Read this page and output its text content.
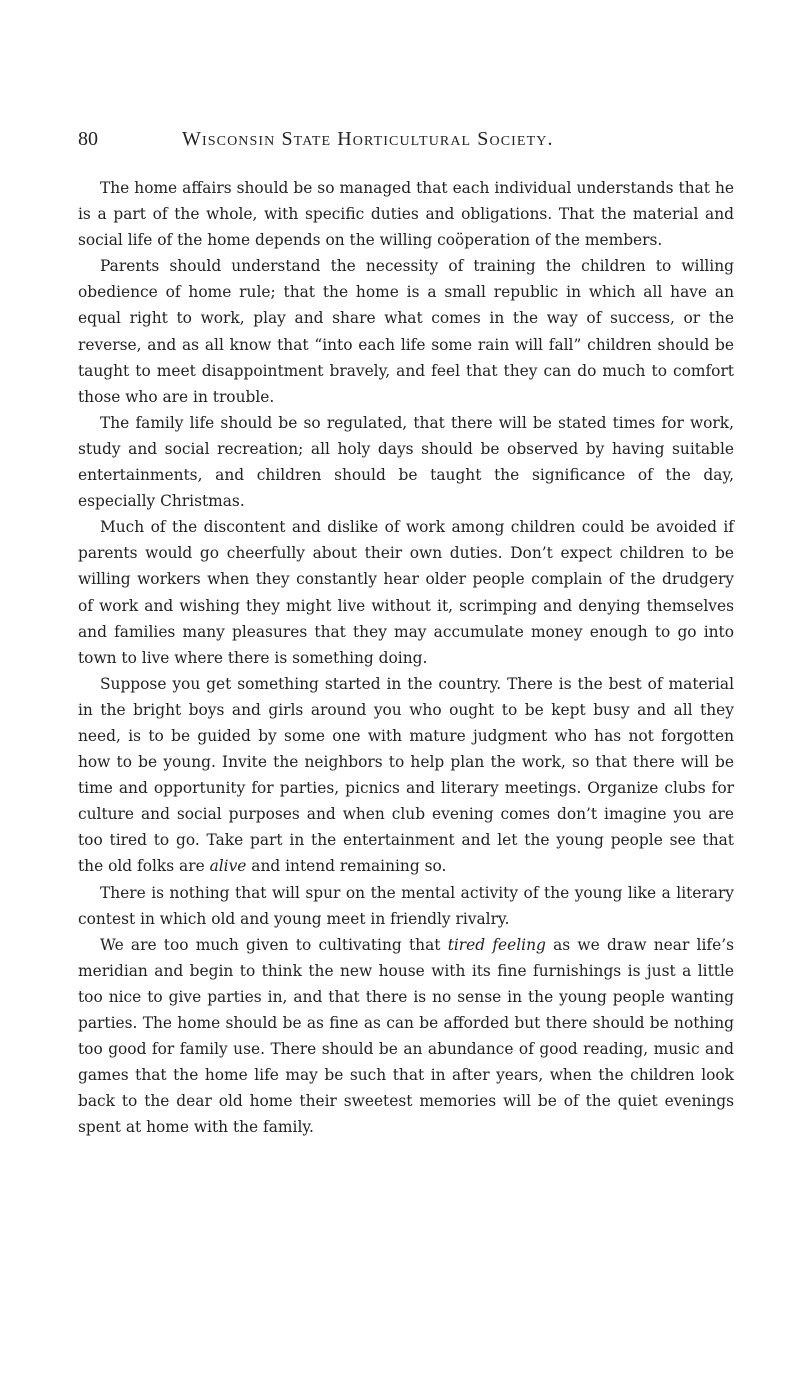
80	Wisconsin State Horticultural Society.

The home affairs should be so managed that each individual understands that he is a part of the whole, with specific duties and obligations. That the material and social life of the home depends on the willing coöperation of the members.

Parents should understand the necessity of training the children to willing obedience of home rule; that the home is a small republic in which all have an equal right to work, play and share what comes in the way of success, or the reverse, and as all know that “into each life some rain will fall” children should be taught to meet disappointment bravely, and feel that they can do much to comfort those who are in trouble.

The family life should be so regulated, that there will be stated times for work, study and social recreation; all holy days should be observed by having suitable entertainments, and children should be taught the significance of the day, especially Christmas.

Much of the discontent and dislike of work among children could be avoided if parents would go cheerfully about their own duties. Don’t expect children to be willing workers when they constantly hear older people complain of the drudgery of work and wishing they might live without it, scrimping and denying themselves and families many pleasures that they may accumulate money enough to go into town to live where there is something doing.

Suppose you get something started in the country. There is the best of material in the bright boys and girls around you who ought to be kept busy and all they need, is to be guided by some one with mature judgment who has not forgotten how to be young. Invite the neighbors to help plan the work, so that there will be time and opportunity for parties, picnics and literary meetings. Organize clubs for culture and social purposes and when club evening comes don’t imagine you are too tired to go. Take part in the entertainment and let the young people see that the old folks are alive and intend remaining so.

There is nothing that will spur on the mental activity of the young like a literary contest in which old and young meet in friendly rivalry.

We are too much given to cultivating that tired feeling as we draw near life’s meridian and begin to think the new house with its fine furnishings is just a little too nice to give parties in, and that there is no sense in the young people wanting parties. The home should be as fine as can be afforded but there should be nothing too good for family use. There should be an abundance of good reading, music and games that the home life may be such that in after years, when the children look back to the dear old home their sweetest memories will be of the quiet evenings spent at home with the family.
